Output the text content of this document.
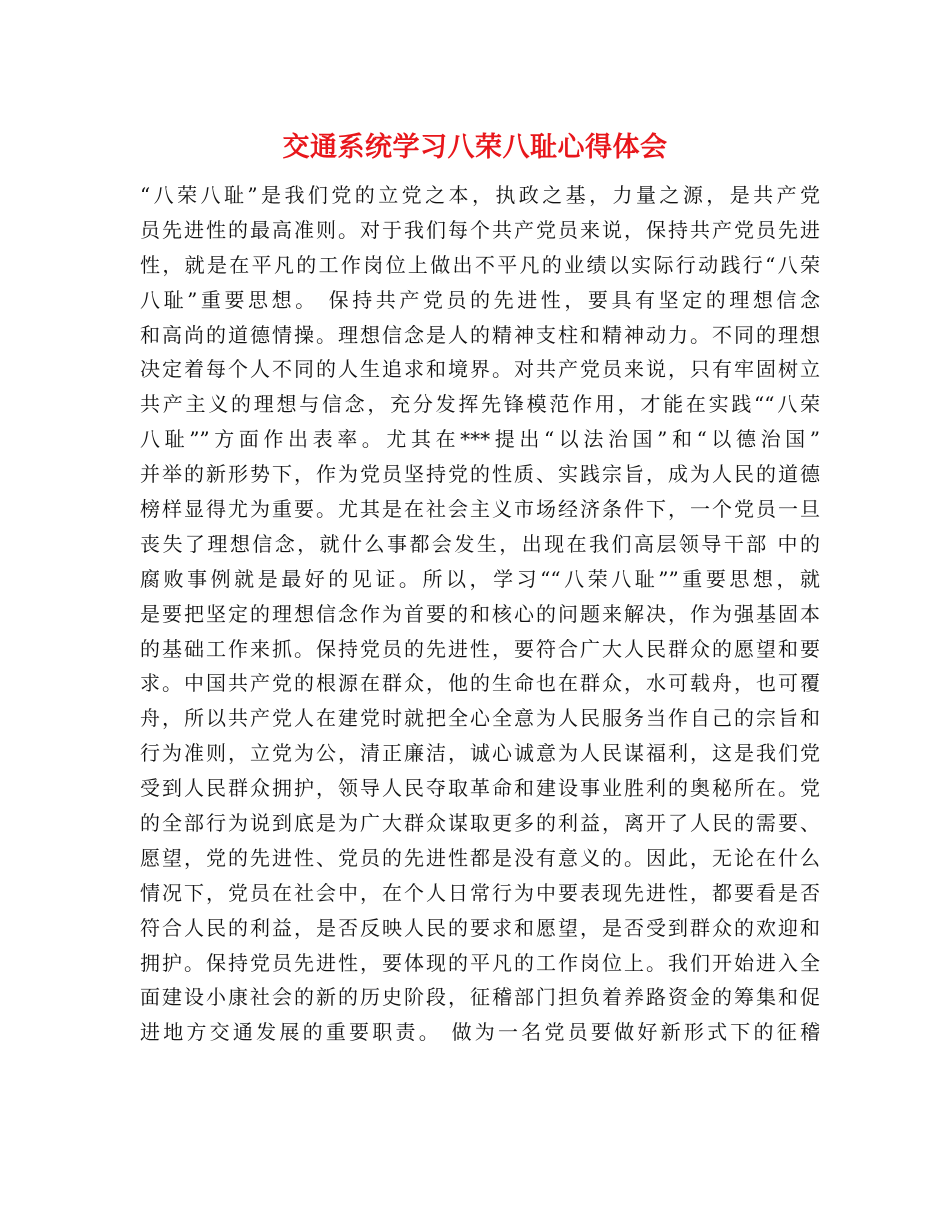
交通系统学习八荣八耻心得体会
“八荣八耻”是我们党的立党之本，执政之基，力量之源，是共产党
员先进性的最高准则。对于我们每个共产党员来说，保持共产党员先进
性，就是在平凡的工作岗位上做出不平凡的业绩以实际行动践行“八荣
八耻”重要思想。 保持共产党员的先进性，要具有坚定的理想信念
和高尚的道德情操。理想信念是人的精神支柱和精神动力。不同的理想
决定着每个人不同的人生追求和境界。对共产党员来说，只有牢固树立
共产主义的理想与信念，充分发挥先锋模范作用，才能在实践““八荣
八耻””方面作出表率。尤其在***提出“以法治国”和“以德治国”
并举的新形势下，作为党员坚持党的性质、实践宗旨，成为人民的道德
榜样显得尤为重要。尤其是在社会主义市场经济条件下，一个党员一旦
丧失了理想信念，就什么事都会发生，出现在我们高层领导干部 中的
腐败事例就是最好的见证。所以，学习““八荣八耻””重要思想，就
是要把坚定的理想信念作为首要的和核心的问题来解决，作为强基固本
的基础工作来抓。保持党员的先进性，要符合广大人民群众的愿望和要
求。中国共产党的根源在群众，他的生命也在群众，水可载舟，也可覆
舟，所以共产党人在建党时就把全心全意为人民服务当作自己的宗旨和
行为准则，立党为公，清正廉洁，诚心诚意为人民谋福利，这是我们党
受到人民群众拥护，领导人民夺取革命和建设事业胜利的奥秘所在。党
的全部行为说到底是为广大群众谋取更多的利益，离开了人民的需要、
愿望，党的先进性、党员的先进性都是没有意义的。因此，无论在什么
情况下，党员在社会中，在个人日常行为中要表现先进性，都要看是否
符合人民的利益，是否反映人民的要求和愿望，是否受到群众的欢迎和
拥护。保持党员先进性，要体现的平凡的工作岗位上。我们开始进入全
面建设小康社会的新的历史阶段，征稽部门担负着养路资金的筹集和促
进地方交通发展的重要职责。 做为一名党员要做好新形式下的征稽
